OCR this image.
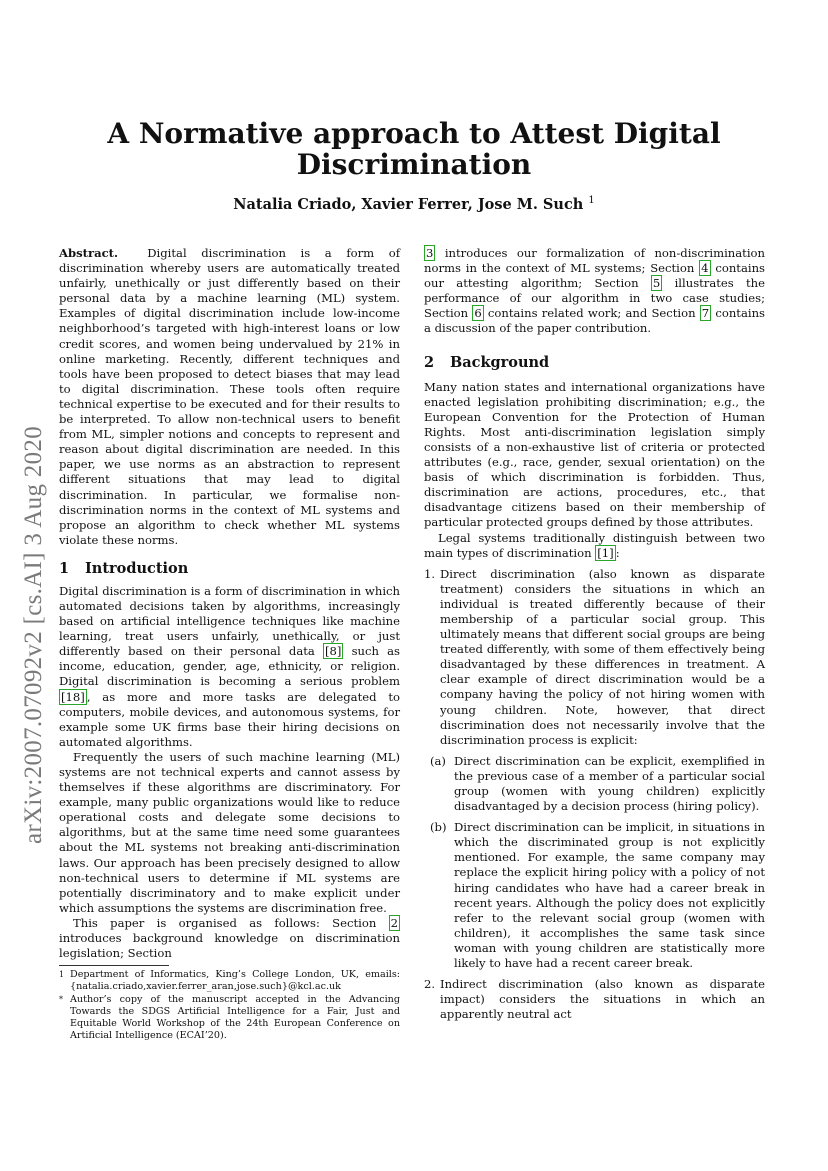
A Normative approach to Attest Digital Discrimination
Natalia Criado, Xavier Ferrer, Jose M. Such $^1$
arXiv:2007.07092v2 [cs.AI] 3 Aug 2020

Abstract.	Digital discrimination is a form of discrimination whereby users are automatically treated unfairly, unethically or just differently based on their personal data by a machine learning (ML) system. Examples of digital discrimination include low-income neighborhood’s targeted with high-interest loans or low credit scores, and women being undervalued by 21% in online marketing. Recently, different techniques and tools have been proposed to detect biases that may lead to digital discrimination. These tools often require technical expertise to be executed and for their results to be interpreted. To allow non-technical users to benefit from ML, simpler notions and concepts to represent and reason about digital discrimination are needed. In this paper, we use norms as an abstraction to represent different situations that may lead to digital discrimination. In particular, we formalise non-discrimination norms in the context of ML systems and propose an algorithm to check whether ML systems violate these norms.

1 Introduction

Digital discrimination is a form of discrimination in which automated decisions taken by algorithms, increasingly based on artificial intelligence techniques like machine learning, treat users unfairly, unethically, or just differently based on their personal data [8] such as income, education, gender, age, ethnicity, or religion. Digital discrimination is becoming a serious problem [18] , as more and more tasks are delegated to computers, mobile devices, and autonomous systems, for example some UK firms base their hiring decisions on automated algorithms.

Frequently the users of such machine learning (ML) systems are not technical experts and cannot assess by themselves if these algorithms are discriminatory. For example, many public organizations would like to reduce operational costs and delegate some decisions to algorithms, but at the same time need some guarantees about the ML systems not breaking anti-discrimination laws. Our approach has been precisely designed to allow non-technical users to determine if ML systems are potentially discriminatory and to make explicit under which assumptions the systems are discrimination free.

This paper is organised as follows: Section 2 introduces background knowledge on discrimination legislation; Section

1 Department of Informatics, King’s College London, UK, emails: {natalia.criado,xavier.ferrer_aran,jose.such}@kcl.ac.uk
* Author’s copy of the manuscript accepted in the Advancing Towards the SDGS Artificial Intelligence for a Fair, Just and Equitable World Workshop of the 24th European Conference on Artificial Intelligence (ECAI’20).

3 introduces our formalization of non-discrimination norms in the context of ML systems; Section 4 contains our attesting algorithm; Section 5 illustrates the performance of our algorithm in two case studies; Section 6 contains related work; and Section 7 contains a discussion of the paper contribution.

2 Background

Many nation states and international organizations have enacted legislation prohibiting discrimination; e.g., the European Convention for the Protection of Human Rights. Most anti-discrimination legislation simply consists of a non-exhaustive list of criteria or protected attributes (e.g., race, gender, sexual orientation) on the basis of which discrimination is forbidden. Thus, discrimination are actions, procedures, etc., that disadvantage citizens based on their membership of particular protected groups defined by those attributes.

Legal systems traditionally distinguish between two main types of discrimination [1] :

1. Direct discrimination (also known as disparate treatment) considers the situations in which an individual is treated differently because of their membership of a particular social group. This ultimately means that different social groups are being treated differently, with some of them effectively being disadvantaged by these differences in treatment. A clear example of direct discrimination would be a company having the policy of not hiring women with young children. Note, however, that direct discrimination does not necessarily involve that the discrimination process is explicit:
(a) Direct discrimination can be explicit, exemplified in the previous case of a member of a particular social group (women with young children) explicitly disadvantaged by a decision process (hiring policy).
(b) Direct discrimination can be implicit, in situations in which the discriminated group is not explicitly mentioned. For example, the same company may replace the explicit hiring policy with a policy of not hiring candidates who have had a career break in recent years. Although the policy does not explicitly refer to the relevant social group (women with children), it accomplishes the same task since woman with young children are statistically more likely to have had a recent career break.
2. Indirect discrimination (also known as disparate impact) considers the situations in which an apparently neutral act
